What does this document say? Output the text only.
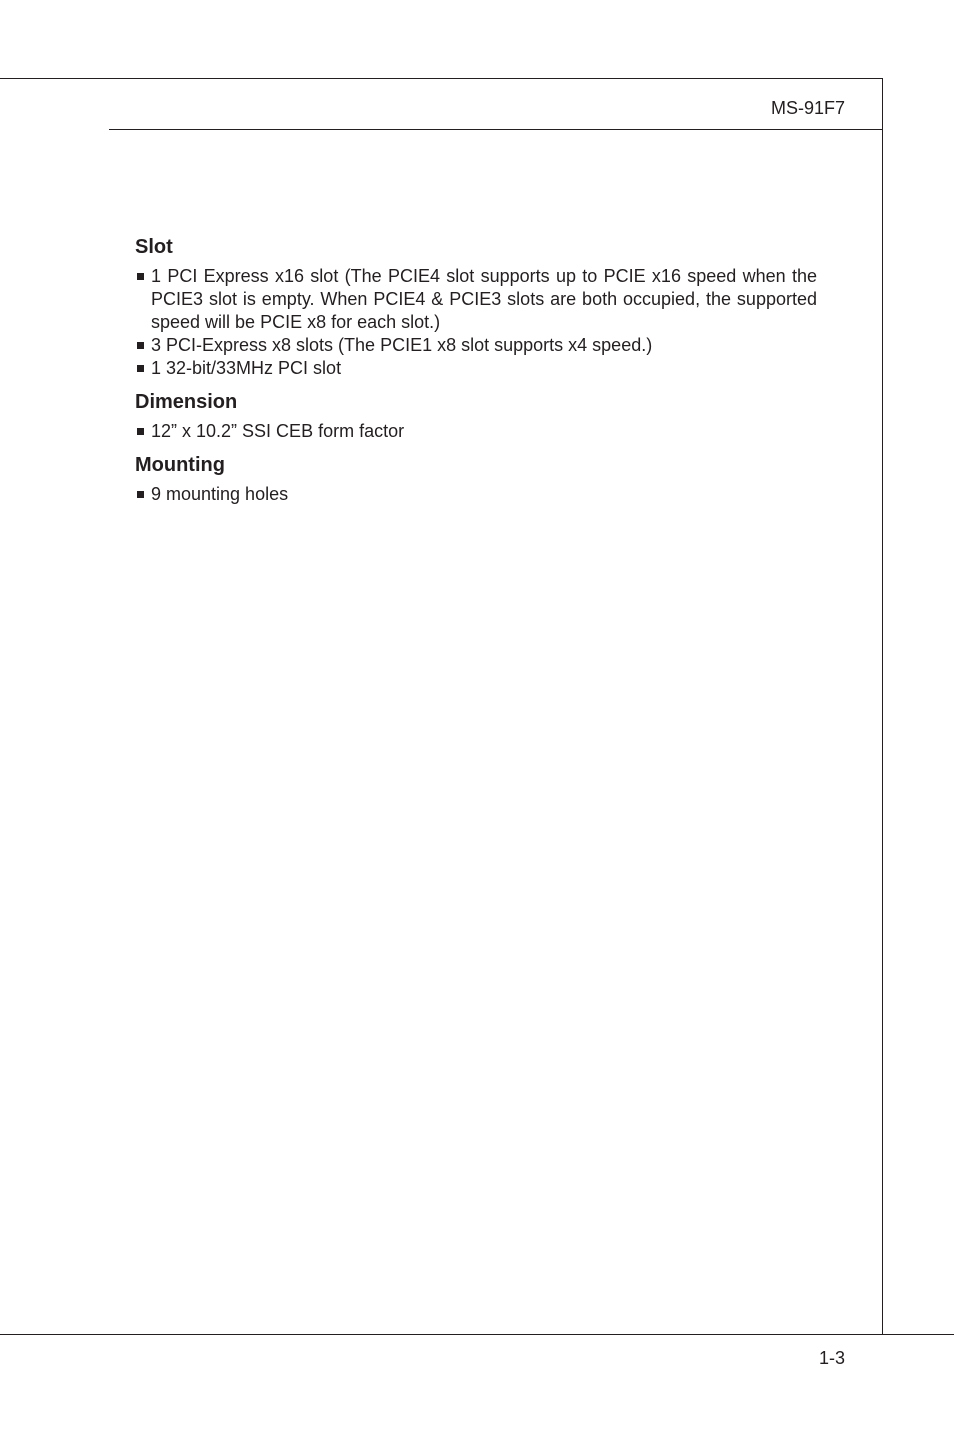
MS-91F7
Slot
1 PCI Express x16 slot (The PCIE4 slot supports up to PCIE x16 speed when the PCIE3 slot is empty. When PCIE4 & PCIE3 slots are both occupied, the supported speed will be PCIE x8 for each slot.)
3 PCI-Express x8 slots (The PCIE1 x8 slot supports x4 speed.)
1 32-bit/33MHz PCI slot
Dimension
12” x 10.2” SSI CEB form factor
Mounting
9 mounting holes
1-3
